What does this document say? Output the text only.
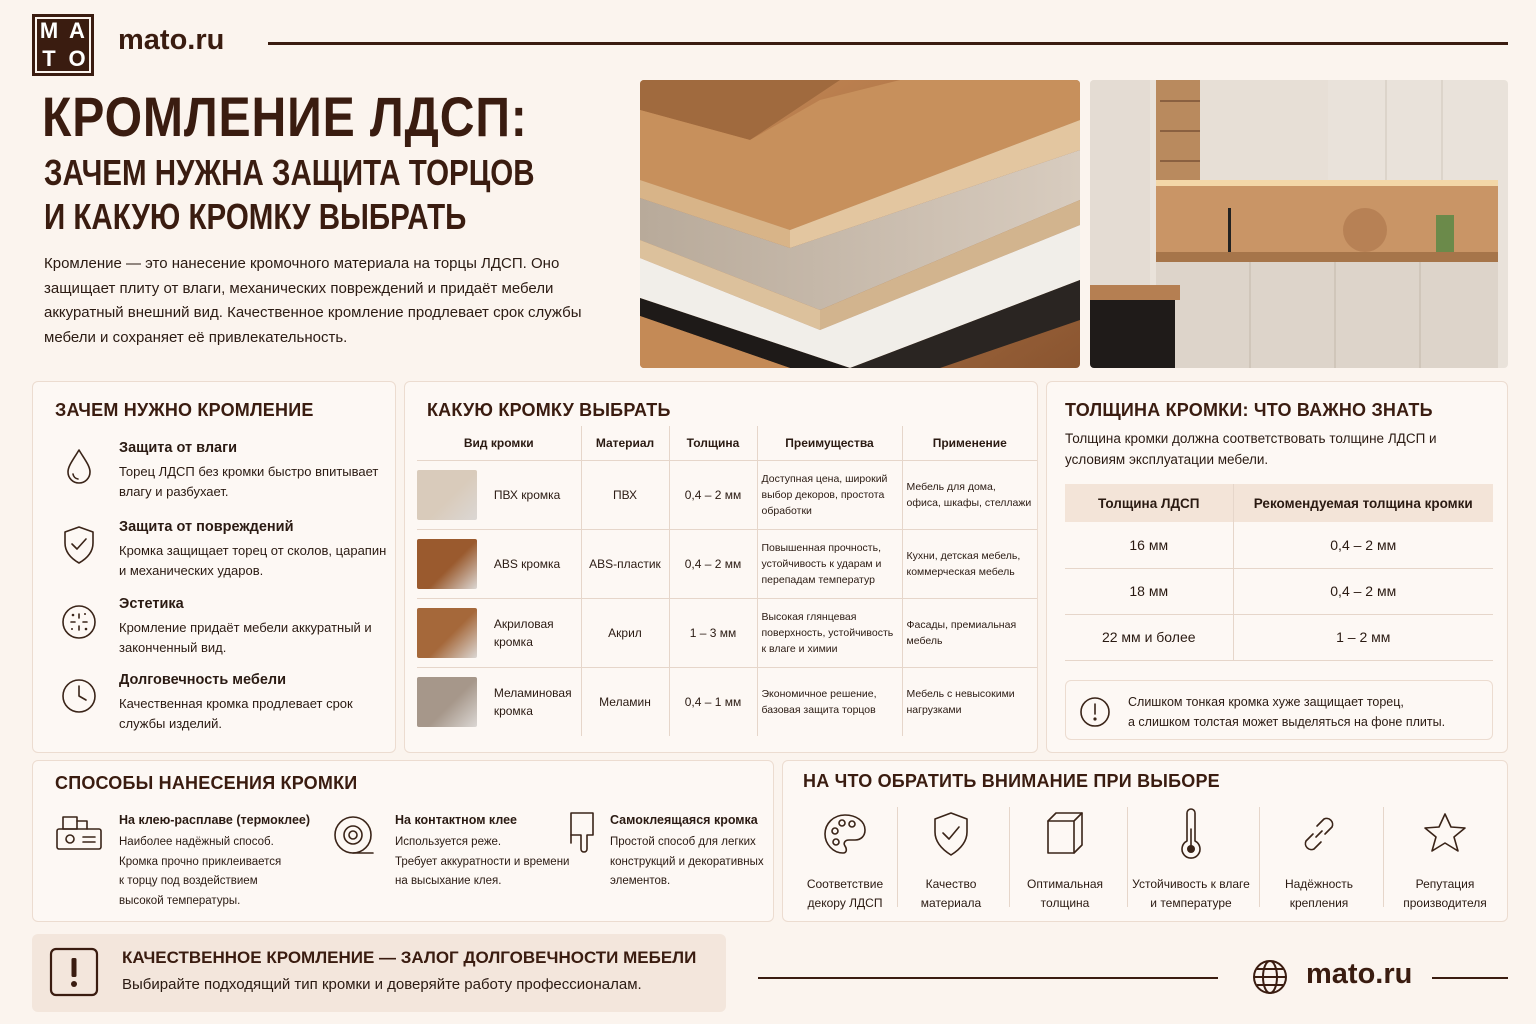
М А
Т О
mato.ru
КРОМЛЕНИЕ ЛДСП:
ЗАЧЕМ НУЖНА ЗАЩИТА ТОРЦОВ
И КАКУЮ КРОМКУ ВЫБРАТЬ

Кромление — это нанесение кромочного материала на торцы ЛДСП. Оно защищает плиту от влаги, механических повреждений и придаёт мебели аккуратный внешний вид. Качественное кромление продлевает срок службы мебели и сохраняет её привлекательность.

ЗАЧЕМ НУЖНО КРОМЛЕНИЕ
Защита от влаги
Торец ЛДСП без кромки быстро впитывает влагу и разбухает.
Защита от повреждений
Кромка защищает торец от сколов, царапин и механических ударов.
Эстетика
Кромление придаёт мебели аккуратный и законченный вид.
Долговечность мебели
Качественная кромка продлевает срок службы изделий.
КАКУЮ КРОМКУ ВЫБРАТЬ
Вид кромки		Материал	Толщина	Преимущества	Применение

	ПВХ кромка	ПВХ	0,4 – 2 мм	Доступная цена, широкий выбор декоров, простота обработки	Мебель для дома, офиса, шкафы, стеллажи

	ABS кромка	ABS-пластик	0,4 – 2 мм	Повышенная прочность, устойчивость к ударам и перепадам температур	Кухни, детская мебель, коммерческая мебель

	Акриловая кромка	Акрил	1 – 3 мм	Высокая глянцевая поверхность, устойчивость к влаге и химии	Фасады, премиальная мебель

	Меламиновая кромка	Меламин	0,4 – 1 мм	Экономичное решение, базовая защита торцов	Мебель с невысокими нагрузками
ТОЛЩИНА КРОМКИ: ЧТО ВАЖНО ЗНАТЬ

Толщина кромки должна соответствовать толщине ЛДСП и условиям эксплуатации мебели.

Толщина ЛДСП	Рекомендуемая толщина кромки
16 мм	0,4 – 2 мм
18 мм	0,4 – 2 мм
22 мм и более	1 – 2 мм
Слишком тонкая кромка хуже защищает торец,
а слишком толстая может выделяться на фоне плиты.
СПОСОБЫ НАНЕСЕНИЯ КРОМКИ
На клею-расплаве (термоклее)
Наиболее надёжный способ.
Кромка прочно приклеивается
к торцу под воздействием
высокой температуры.
На контактном клее
Используется реже.
Требует аккуратности и времени
на высыхание клея.
Самоклеящаяся кромка
Простой способ для легких
конструкций и декоративных
элементов.
НА ЧТО ОБРАТИТЬ ВНИМАНИЕ ПРИ ВЫБОРЕ
Соответствие
декору ЛДСП
Качество
материала
Оптимальная
толщина
Устойчивость к влаге
и температуре
Надёжность
крепления
Репутация
производителя
КАЧЕСТВЕННОЕ КРОМЛЕНИЕ — ЗАЛОГ ДОЛГОВЕЧНОСТИ МЕБЕЛИ
Выбирайте подходящий тип кромки и доверяйте работу профессионалам.	mato.ru
